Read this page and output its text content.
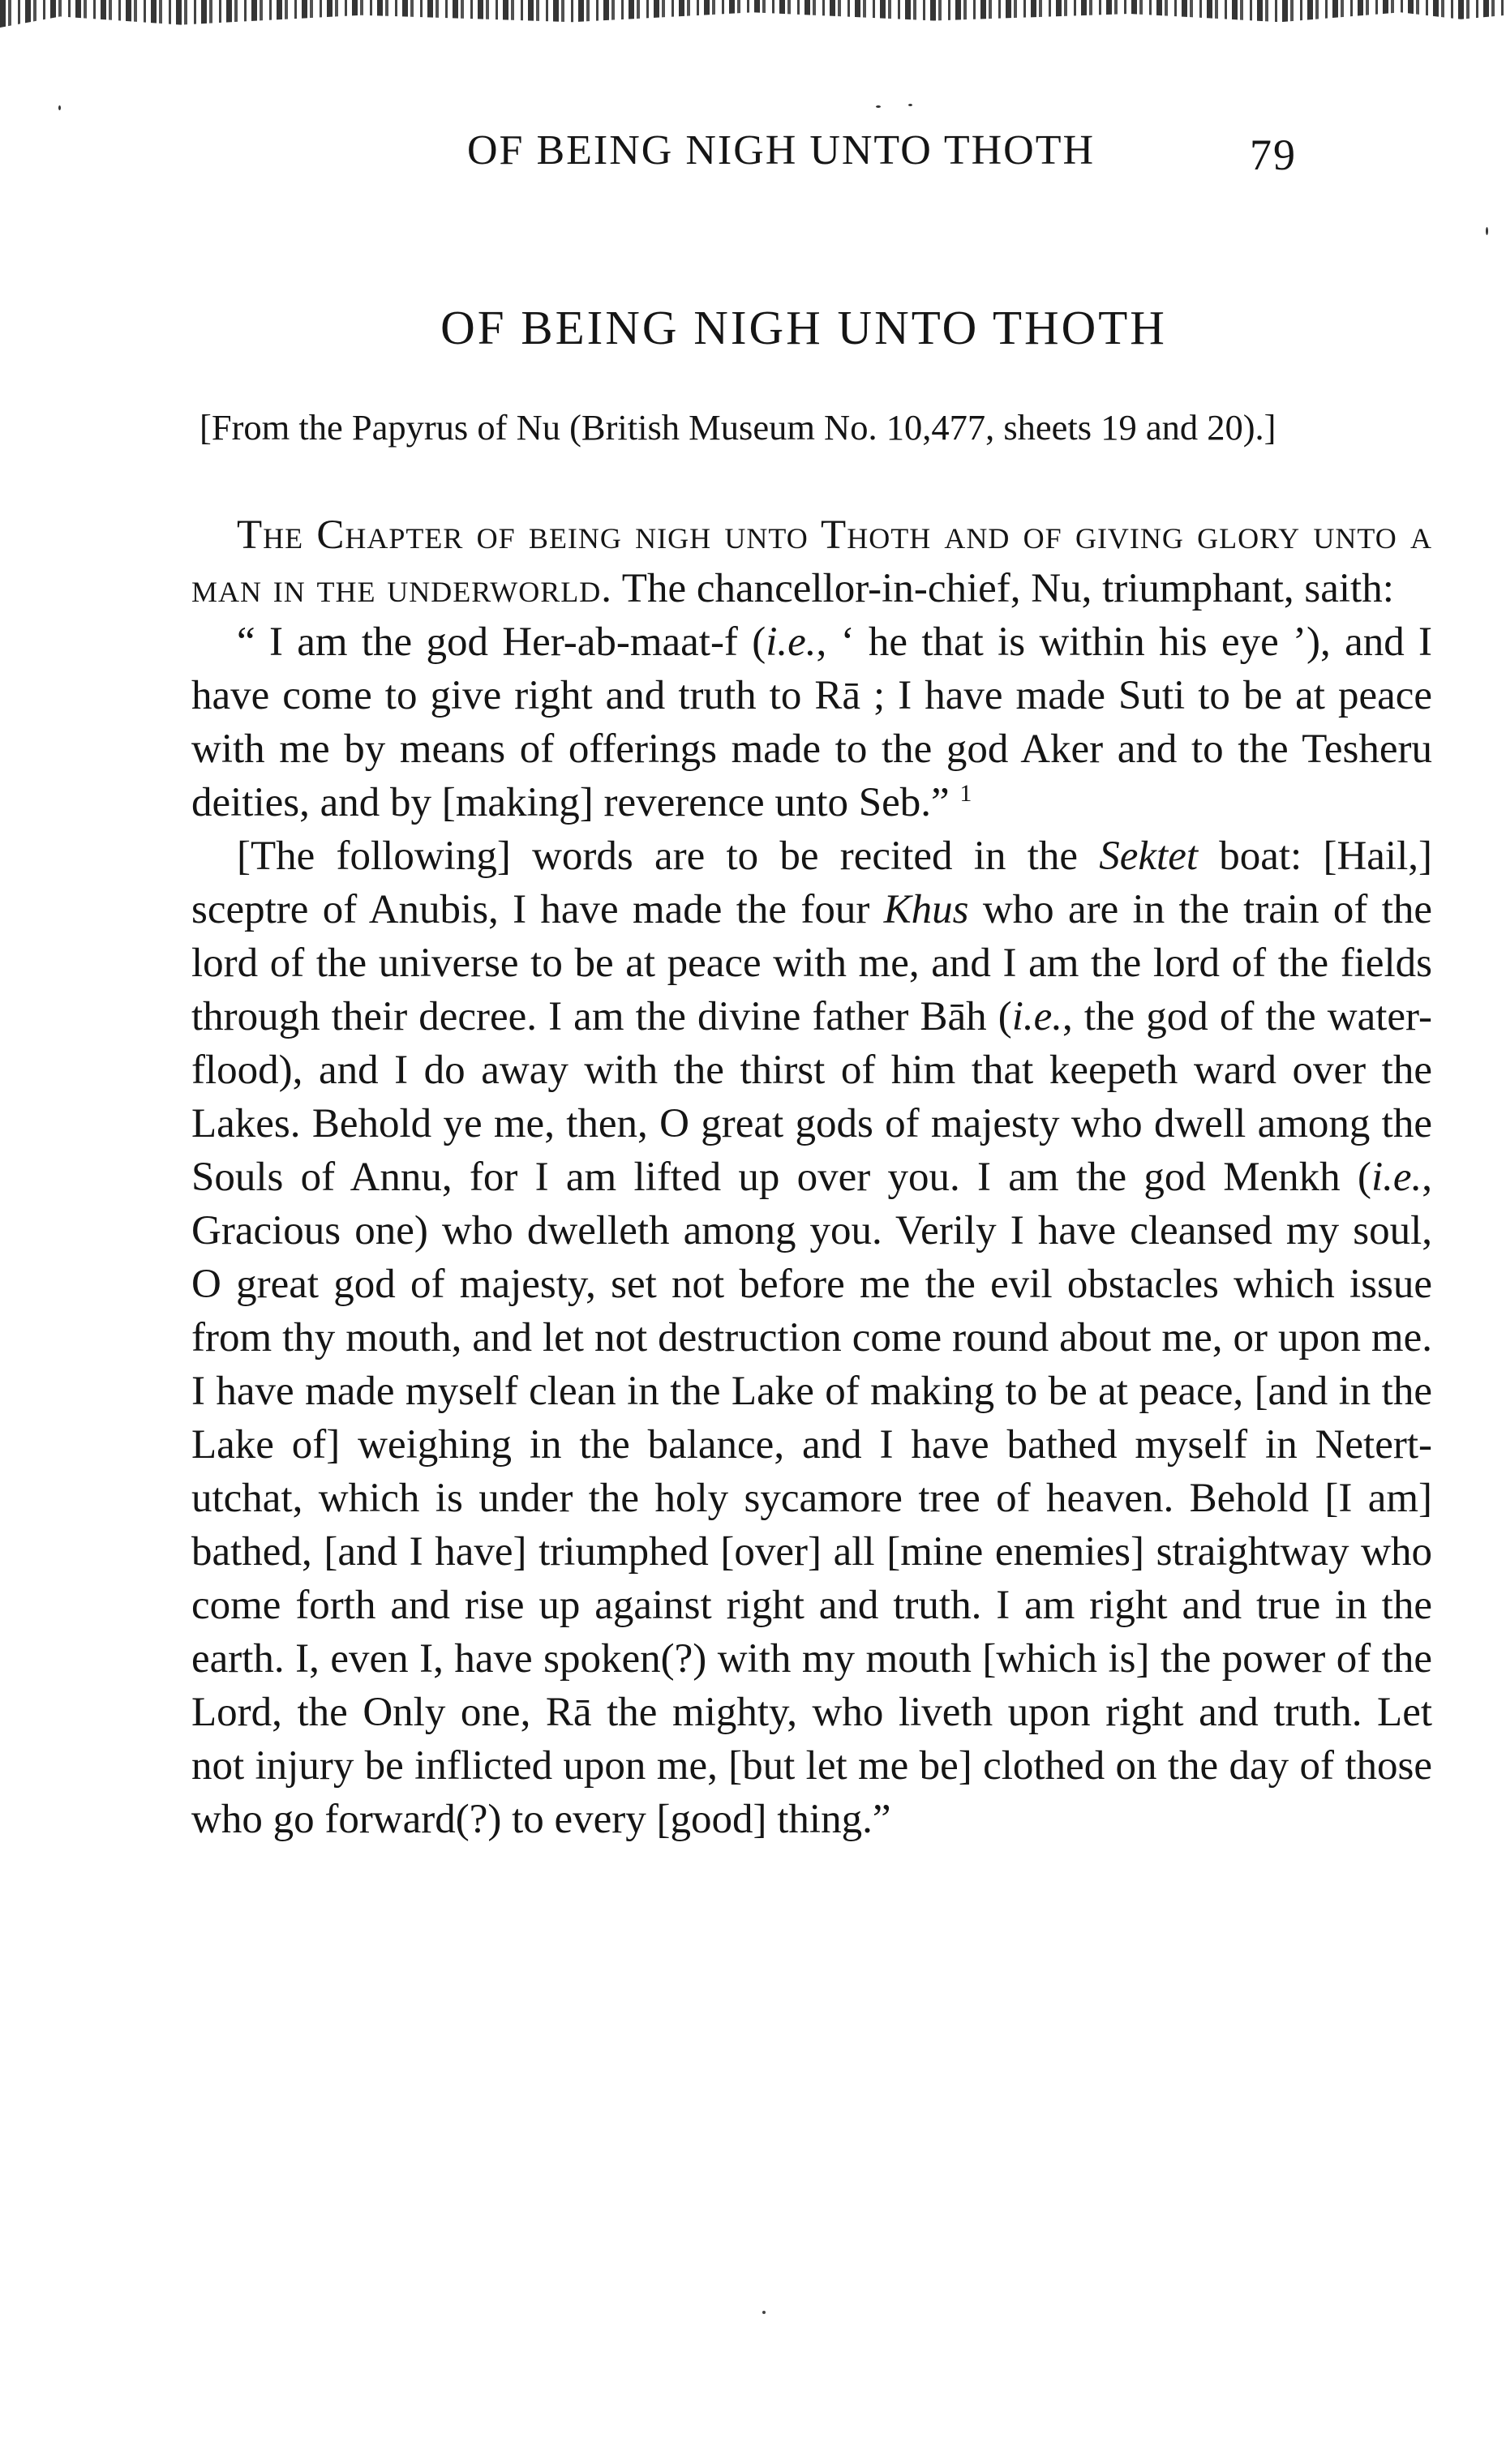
OF BEING NIGH UNTO THOTH	79
OF BEING NIGH UNTO THOTH
[From the Papyrus of Nu (British Museum No. 10,477, sheets 19 and 20).]

The Chapter of being nigh unto Thoth and of giving glory unto a man in the underworld. The chancellor-in-chief, Nu, triumphant, saith:

“ I am the god Her-ab-maat-f (i.e., ‘ he that is within his eye ’), and I have come to give right and truth to Rā ; I have made Suti to be at peace with me by means of offerings made to the god Aker and to the Tesheru deities, and by [making] reverence unto Seb.” $^1$

[The following] words are to be recited in the Sektet boat: [Hail,] sceptre of Anubis, I have made the four Khus who are in the train of the lord of the universe to be at peace with me, and I am the lord of the fields through their decree. I am the divine father Bāh (i.e., the god of the water-flood), and I do away with the thirst of him that keepeth ward over the Lakes. Behold ye me, then, O great gods of majesty who dwell among the Souls of Annu, for I am lifted up over you. I am the god Menkh (i.e., Gracious one) who dwelleth among you. Verily I have cleansed my soul, O great god of majesty, set not before me the evil obstacles which issue from thy mouth, and let not destruction come round about me, or upon me. I have made myself clean in the Lake of making to be at peace, [and in the Lake of] weighing in the balance, and I have bathed myself in Netert-utchat, which is under the holy sycamore tree of heaven. Behold [I am] bathed, [and I have] triumphed [over] all [mine enemies] straightway who come forth and rise up against right and truth. I am right and true in the earth. I, even I, have spoken(?) with my mouth [which is] the power of the Lord, the Only one, Rā the mighty, who liveth upon right and truth. Let not injury be inflicted upon me, [but let me be] clothed on the day of those who go forward(?) to every [good] thing.”
